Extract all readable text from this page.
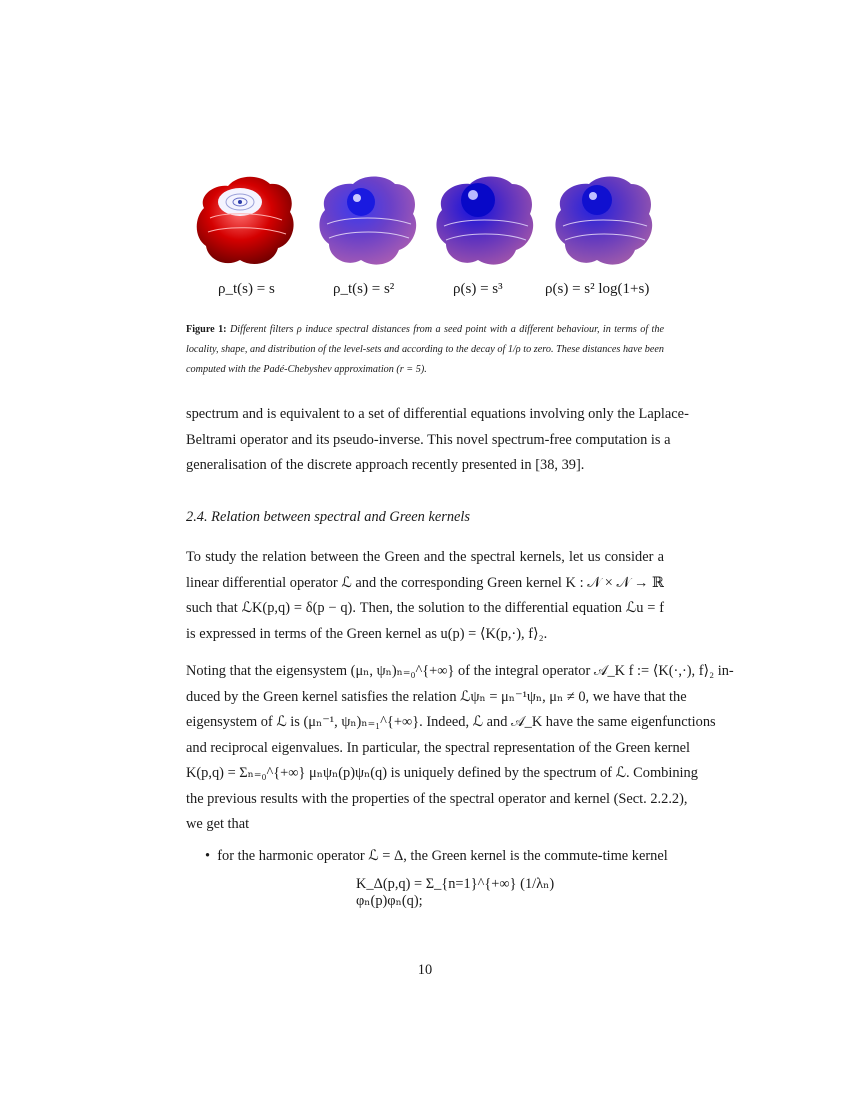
ρ_t(s) = s	ρ_t(s) = s²	ρ(s) = s³	ρ(s) = s² log(1+s)
Figure 1: Different filters ρ induce spectral distances from a seed point with a different behaviour, in terms of the locality, shape, and distribution of the level-sets and according to the decay of 1/ρ to zero. These distances have been computed with the Padé-Chebyshev approximation (r = 5).
spectrum and is equivalent to a set of differential equations involving only the Laplace-
Beltrami operator and its pseudo-inverse. This novel spectrum-free computation is a
generalisation of the discrete approach recently presented in [38, 39].
2.4. Relation between spectral and Green kernels
To study the relation between the Green and the spectral kernels, let us consider a
linear differential operator ℒ and the corresponding Green kernel K : 𝒩 × 𝒩 → ℝ
such that ℒK(p,q) = δ(p − q). Then, the solution to the differential equation ℒu = f
is expressed in terms of the Green kernel as u(p) = ⟨K(p,·), f⟩₂.
Noting that the eigensystem (μₙ, ψₙ)ₙ₌₀^{+∞} of the integral operator 𝒜_K f := ⟨K(·,·), f⟩₂ in-
duced by the Green kernel satisfies the relation ℒψₙ = μₙ⁻¹ψₙ, μₙ ≠ 0, we have that the
eigensystem of ℒ is (μₙ⁻¹, ψₙ)ₙ₌₁^{+∞}. Indeed, ℒ and 𝒜_K have the same eigenfunctions
and reciprocal eigenvalues. In particular, the spectral representation of the Green kernel
K(p,q) = Σₙ₌₀^{+∞} μₙψₙ(p)ψₙ(q) is uniquely defined by the spectrum of ℒ. Combining
the previous results with the properties of the spectral operator and kernel (Sect. 2.2.2),
we get that
•  for the harmonic operator ℒ = Δ, the Green kernel is the commute-time kernel
K_Δ(p,q) = Σ_{n=1}^{+∞} (1/λₙ) φₙ(p)φₙ(q);
10
